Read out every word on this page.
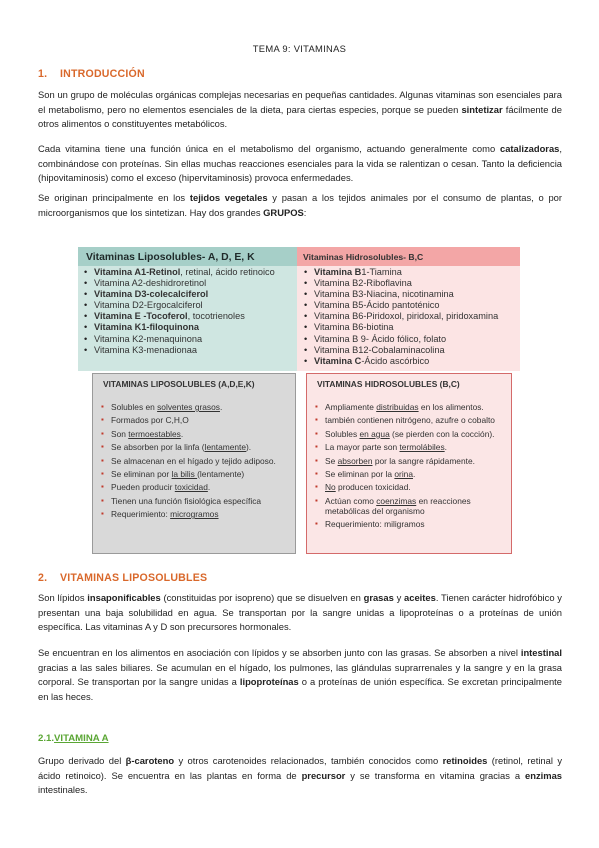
TEMA 9: VITAMINAS
1. INTRODUCCIÓN
Son un grupo de moléculas orgánicas complejas necesarias en pequeñas cantidades. Algunas vitaminas son esenciales para el metabolismo, pero no elementos esenciales de la dieta, para ciertas especies, porque se pueden sintetizar fácilmente de otros alimentos o constituyentes metabólicos.
Cada vitamina tiene una función única en el metabolismo del organismo, actuando generalmente como catalizadoras, combinándose con proteínas. Sin ellas muchas reacciones esenciales para la vida se ralentizan o cesan. Tanto la deficiencia (hipovitaminosis) como el exceso (hipervitaminosis) provoca enfermedades.
Se originan principalmente en los tejidos vegetales y pasan a los tejidos animales por el consumo de plantas, o por microorganismos que los sintetizan. Hay dos grandes GRUPOS:
Vitaminas Liposolubles- A, D, E, K	Vitaminas Hidrosolubles- B,C
• Vitamina A1-Retinol, retinal, ácido retinoico
• Vitamina A2-deshidroretinol
• Vitamina D3-colecalciferol
• Vitamina D2-Ergocalciferol
• Vitamina E -Tocoferol, tocotrienoles
• Vitamina K1-filoquinona
• Vitamina K2-menaquinona
• Vitamina K3-menadionaa
• Vitamina B1-Tiamina
• Vitamina B2-Riboflavina
• Vitamina B3-Niacina, nicotinamina
• Vitamina B5-Ácido pantoténico
• Vitamina B6-Piridoxol, piridoxal, piridoxamina
• Vitamina B6-biotina
• Vitamina B 9- Ácido fólico, folato
• Vitamina B12-Cobalaminacolina
• Vitamina C-Ácido ascórbico
VITAMINAS LIPOSOLUBLES (A,D,E,K)
▪ Solubles en solventes grasos.
▪ Formados por C,H,O
▪ Son termoestables.
▪ Se absorben por la linfa (lentamente).
▪ Se almacenan en el hígado y tejido adiposo.
▪ Se eliminan por la bilis (lentamente)
▪ Pueden producir toxicidad.
▪ Tienen una función fisiológica específica
▪ Requerimiento: microgramos
VITAMINAS HIDROSOLUBLES (B,C)
▪ Ampliamente distribuidas en los alimentos.
▪ también contienen nitrógeno, azufre o cobalto
▪ Solubles en agua (se pierden con la cocción).
▪ La mayor parte son termolábiles.
▪ Se absorben por la sangre rápidamente.
▪ Se eliminan por la orina.
▪ No producen toxicidad.
▪ Actúan como coenzimas en reacciones metabólicas del organismo
▪ Requerimiento: miligramos
2. VITAMINAS LIPOSOLUBLES
Son lípidos insaponificables (constituidas por isopreno) que se disuelven en grasas y aceites. Tienen carácter hidrofóbico y presentan una baja solubilidad en agua. Se transportan por la sangre unidas a lipoproteínas o a proteínas de unión específica. Las vitaminas A y D son precursores hormonales.
Se encuentran en los alimentos en asociación con lípidos y se absorben junto con las grasas. Se absorben a nivel intestinal gracias a las sales biliares. Se acumulan en el hígado, los pulmones, las glándulas suprarrenales y la sangre y en la grasa corporal. Se transportan por la sangre unidas a lipoproteínas o a proteínas de unión específica. Se excretan principalmente en las heces.
2.1.VITAMINA A
Grupo derivado del β-caroteno y otros carotenoides relacionados, también conocidos como retinoides (retinol, retinal y ácido retinoico). Se encuentra en las plantas en forma de precursor y se transforma en vitamina gracias a enzimas intestinales.
